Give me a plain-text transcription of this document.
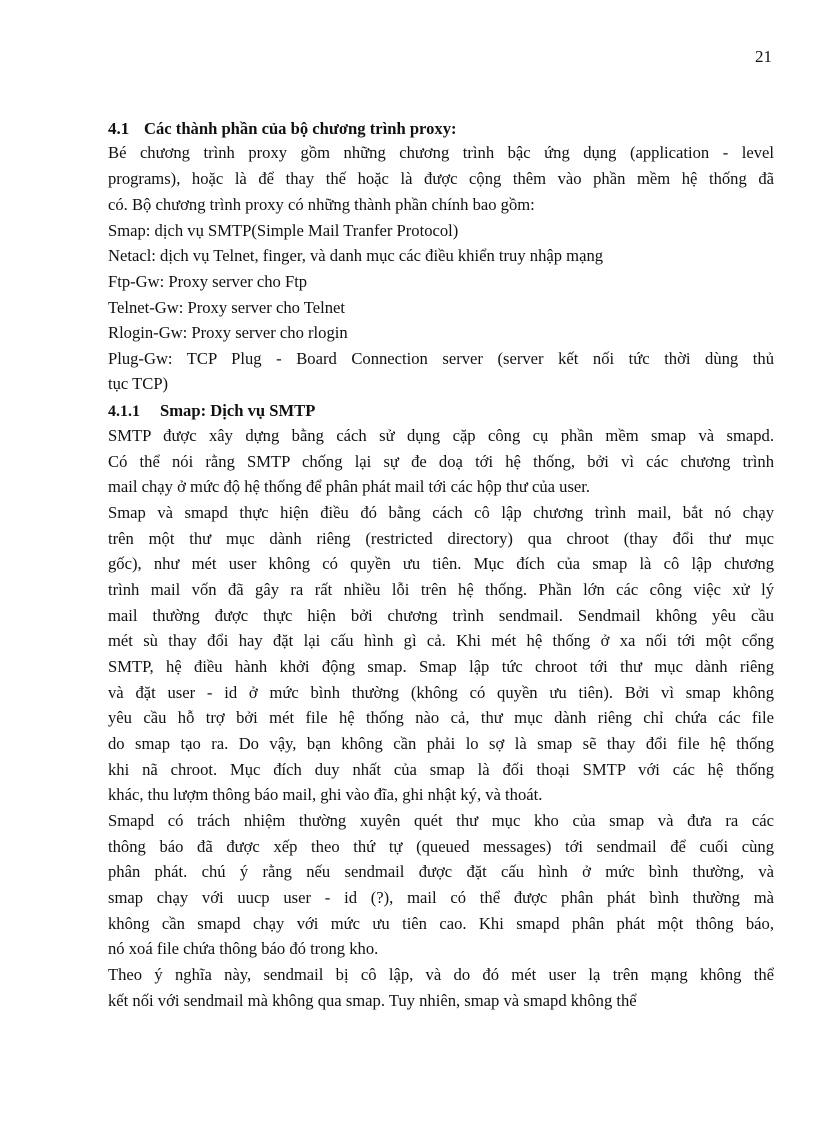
21
4.1 Các thành phần của bộ chương trình proxy:
Bé chương trình proxy gồm những chương trình bậc ứng dụng (application - level
programs), hoặc là để thay thế hoặc là được cộng thêm vào phần mềm hệ thống đã
có. Bộ chương trình proxy có những thành phần chính bao gồm:
Smap: dịch vụ SMTP(Simple Mail Tranfer Protocol)
Netacl: dịch vụ Telnet, finger, và danh mục các điều khiển truy nhập mạng
Ftp-Gw: Proxy server cho Ftp
Telnet-Gw: Proxy server cho Telnet
Rlogin-Gw: Proxy server cho rlogin
Plug-Gw: TCP Plug - Board Connection server (server kết nối tức thời dùng thủ
tục TCP)
4.1.1 Smap: Dịch vụ SMTP
SMTP được xây dựng bằng cách sử dụng cặp công cụ phần mềm smap và smapd.
Có thể nói rằng SMTP chống lại sự đe doạ tới hệ thống, bởi vì các chương trình
mail chạy ở mức độ hệ thống để phân phát mail tới các hộp thư của user.
Smap và smapd thực hiện điều đó bằng cách cô lập chương trình mail, bắt nó chạy
trên một thư mục dành riêng (restricted directory) qua chroot (thay đổi thư mục
gốc), như mét user không có quyền ưu tiên. Mục đích của smap là cô lập chương
trình mail vốn đã gây ra rất nhiều lỗi trên hệ thống. Phần lớn các công việc xử lý
mail thường được thực hiện bởi chương trình sendmail. Sendmail không yêu cầu
mét sù thay đổi hay đặt lại cấu hình gì cả. Khi mét hệ thống ở xa nối tới một cổng
SMTP, hệ điều hành khởi động smap. Smap lập tức chroot tới thư mục dành riêng
và đặt user - id ở mức bình thường (không có quyền ưu tiên). Bởi vì smap không
yêu cầu hỗ trợ bởi mét file hệ thống nào cả, thư mục dành riêng chỉ chứa các file
do smap tạo ra. Do vậy, bạn không cần phải lo sợ là smap sẽ thay đổi file hệ thống
khi nã chroot. Mục đích duy nhất của smap là đối thoại SMTP với các hệ thống
khác, thu lượm thông báo mail, ghi vào đĩa, ghi nhật ký, và thoát.
Smapd có trách nhiệm thường xuyên quét thư mục kho của smap và đưa ra các
thông báo đã được xếp theo thứ tự (queued messages) tới sendmail để cuối cùng
phân phát. chú ý rằng nếu sendmail được đặt cấu hình ở mức bình thường, và
smap chạy với uucp user - id (?), mail có thể được phân phát bình thường mà
không cần smapd chạy với mức ưu tiên cao. Khi smapd phân phát một thông báo,
nó xoá file chứa thông báo đó trong kho.
Theo ý nghĩa này, sendmail bị cô lập, và do đó mét user lạ trên mạng không thể
kết nối với sendmail mà không qua smap. Tuy nhiên, smap và smapd không thể
